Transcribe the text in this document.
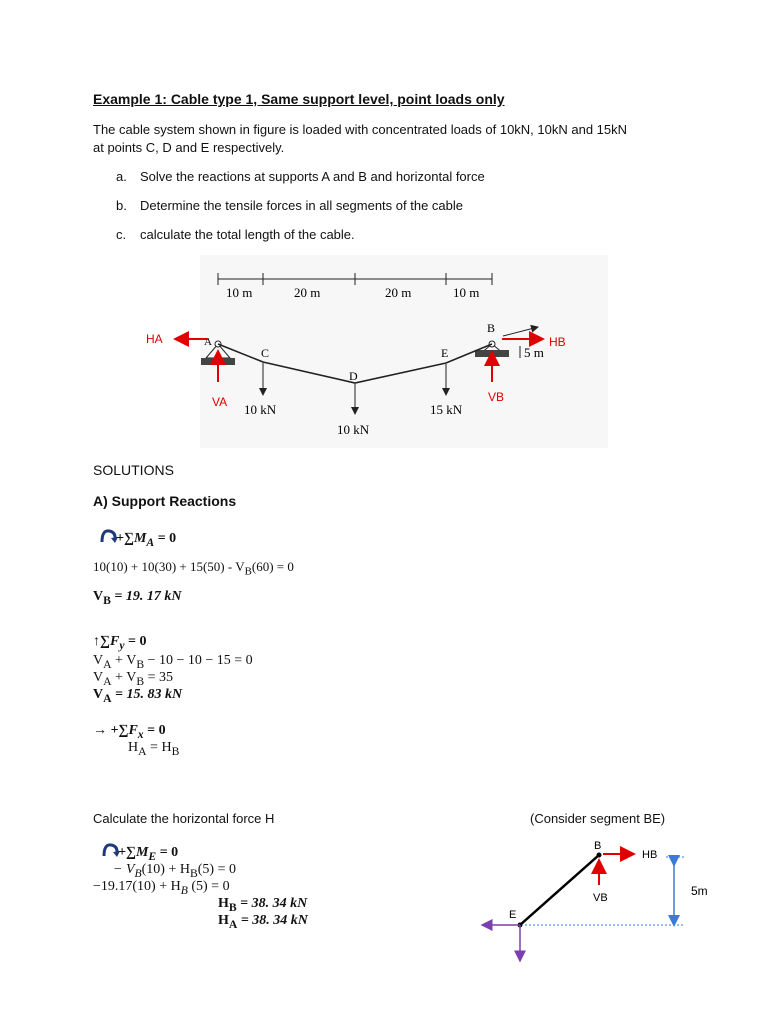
Example 1: Cable type 1, Same support level, point loads only
The cable system shown in figure is loaded with concentrated loads of 10kN, 10kN and 15kN
at points C, D and E respectively.
a. Solve the reactions at supports A and B and horizontal force
b. Determine the tensile forces in all segments of the cable
c. calculate the total length of the cable.
10 m	20 m	20 m	10 m
A
B
C
D
E
10 kN
10 kN
15 kN
5 m
HA
VA
HB
VB
SOLUTIONS
A) Support Reactions
$+\sum M_A = 0$
$10(10) + 10(30) + 15(50) - V_B(60) = 0$
$V_B = 19$. 17 kN
$↑\sum F_y = 0$
$V_A + V_B - 10 - 10 - 15 = 0$
$V_A + V_B = 35$
$V_A = 15$. 83 kN
→ $+\sum F_x = 0$
$H_A = H_B$
Calculate the horizontal force H	(Consider segment BE)
$+\sum M_E = 0$
− $V_B(10) + H_B(5) = 0$
$-19.17(10) + H_B$ (5) = 0
$H_B = 38$. 34 kN
$H_A = 38$. 34 kN
B
E
HB
VB	5m
